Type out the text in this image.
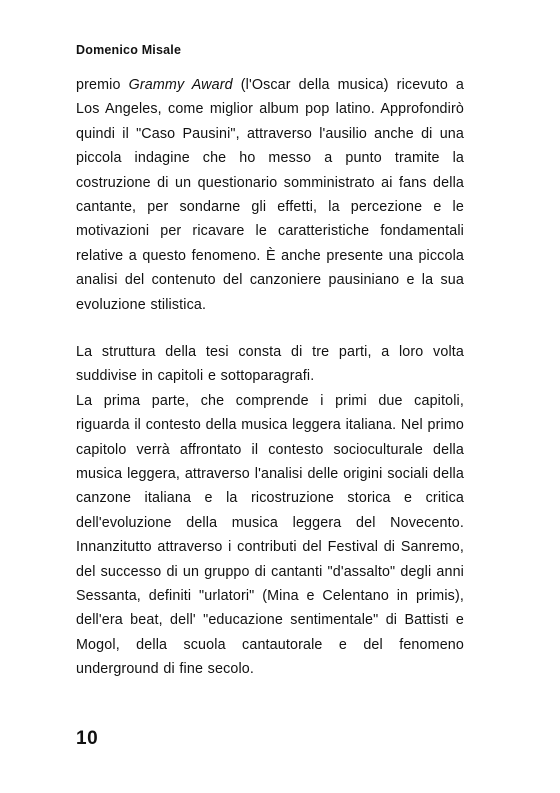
Domenico Misale

premio Grammy Award (l'Oscar della musica) ricevuto a Los Angeles, come miglior album pop latino. Approfondirò quindi il "Caso Pausini", attraverso l'ausilio anche di una piccola indagine che ho messo a punto tramite la costruzione di un questionario somministrato ai fans della cantante, per sondarne gli effetti, la percezione e le motivazioni per ricavare le caratteristiche fondamentali relative a questo fenomeno. È anche presente una piccola analisi del contenuto del canzoniere pausiniano e la sua evoluzione stilistica.

La struttura della tesi consta di tre parti, a loro volta suddivise in capitoli e sottoparagrafi.

La prima parte, che comprende i primi due capitoli, riguarda il contesto della musica leggera italiana. Nel primo capitolo verrà affrontato il contesto socioculturale della musica leggera, attraverso l'analisi delle origini sociali della canzone italiana e la ricostruzione storica e critica dell'evoluzione della musica leggera del Novecento. Innanzitutto attraverso i contributi del Festival di Sanremo, del successo di un gruppo di cantanti "d'assalto" degli anni Sessanta, definiti "urlatori" (Mina e Celentano in primis), dell'era beat, dell' "educazione sentimentale" di Battisti e Mogol, della scuola cantautorale e del fenomeno underground di fine secolo.

10
